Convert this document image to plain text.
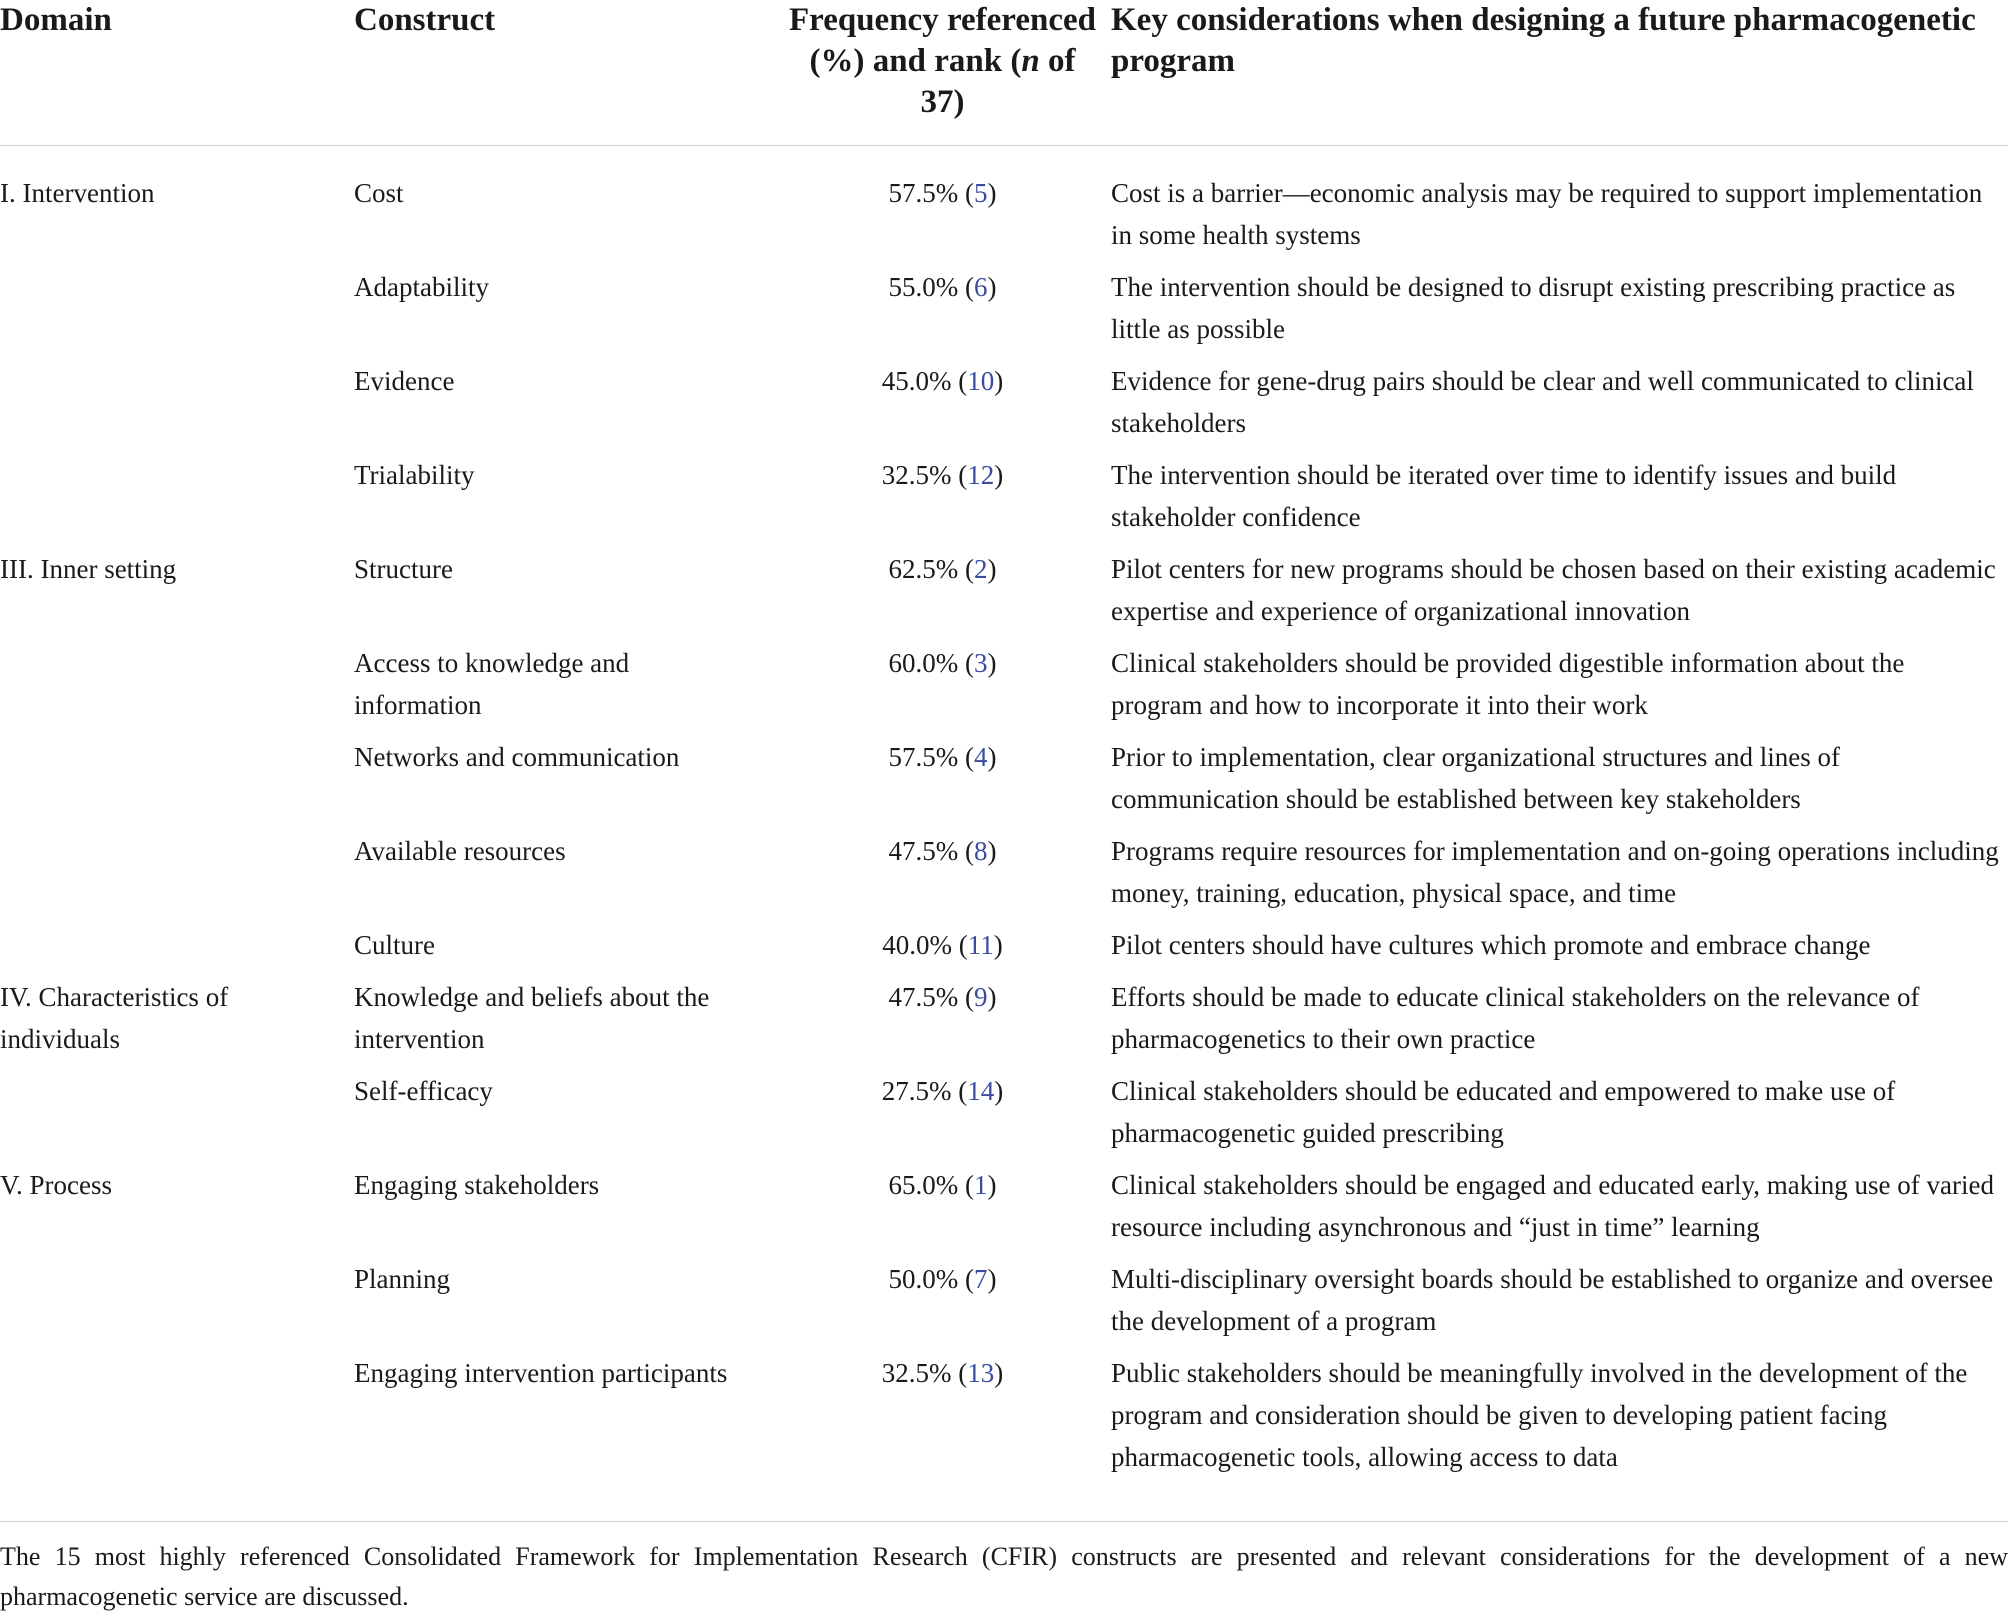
Domain	Construct	Frequency referenced (%) and rank (n of 37)	Key considerations when designing a future pharmacogenetic program
I. Intervention	Cost	57.5% (5)	Cost is a barrier—economic analysis may be required to support implementation in some health systems
	Adaptability	55.0% (6)	The intervention should be designed to disrupt existing prescribing practice as little as possible
	Evidence	45.0% (10)	Evidence for gene-drug pairs should be clear and well communicated to clinical stakeholders
	Trialability	32.5% (12)	The intervention should be iterated over time to identify issues and build stakeholder confidence
III. Inner setting	Structure	62.5% (2)	Pilot centers for new programs should be chosen based on their existing academic expertise and experience of organizational innovation
	Access to knowledge and information	60.0% (3)	Clinical stakeholders should be provided digestible information about the program and how to incorporate it into their work
	Networks and communication	57.5% (4)	Prior to implementation, clear organizational structures and lines of communication should be established between key stakeholders
	Available resources	47.5% (8)	Programs require resources for implementation and on-going operations including money, training, education, physical space, and time
	Culture	40.0% (11)	Pilot centers should have cultures which promote and embrace change
IV. Characteristics of individuals	Knowledge and beliefs about the intervention	47.5% (9)	Efforts should be made to educate clinical stakeholders on the relevance of pharmacogenetics to their own practice
	Self-efficacy	27.5% (14)	Clinical stakeholders should be educated and empowered to make use of pharmacogenetic guided prescribing
V. Process	Engaging stakeholders	65.0% (1)	Clinical stakeholders should be engaged and educated early, making use of varied resource including asynchronous and “just in time” learning
	Planning	50.0% (7)	Multi-disciplinary oversight boards should be established to organize and oversee the development of a program
	Engaging intervention participants	32.5% (13)	Public stakeholders should be meaningfully involved in the development of the program and consideration should be given to developing patient facing pharmacogenetic tools, allowing access to data
The 15 most highly referenced Consolidated Framework for Implementation Research (CFIR) constructs are presented and relevant considerations for the development of a new pharmacogenetic service are discussed.
